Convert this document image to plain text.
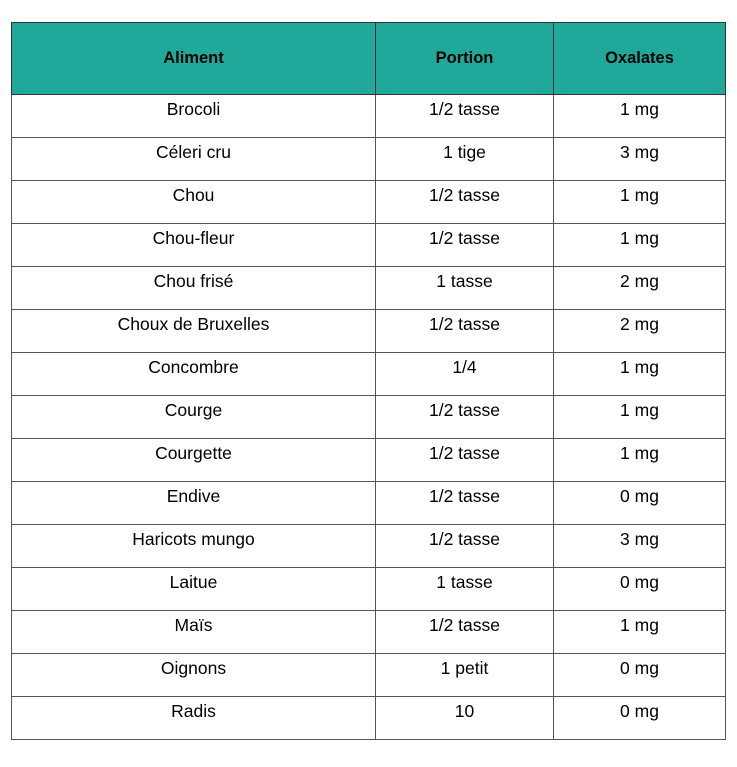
Aliment	Portion	Oxalates
Brocoli	1/2 tasse	1 mg
Céleri cru	1 tige	3 mg
Chou	1/2 tasse	1 mg
Chou-fleur	1/2 tasse	1 mg
Chou frisé	1 tasse	2 mg
Choux de Bruxelles	1/2 tasse	2 mg
Concombre	1/4	1 mg
Courge	1/2 tasse	1 mg
Courgette	1/2 tasse	1 mg
Endive	1/2 tasse	0 mg
Haricots mungo	1/2 tasse	3 mg
Laitue	1 tasse	0 mg
Maïs	1/2 tasse	1 mg
Oignons	1 petit	0 mg
Radis	10	0 mg
